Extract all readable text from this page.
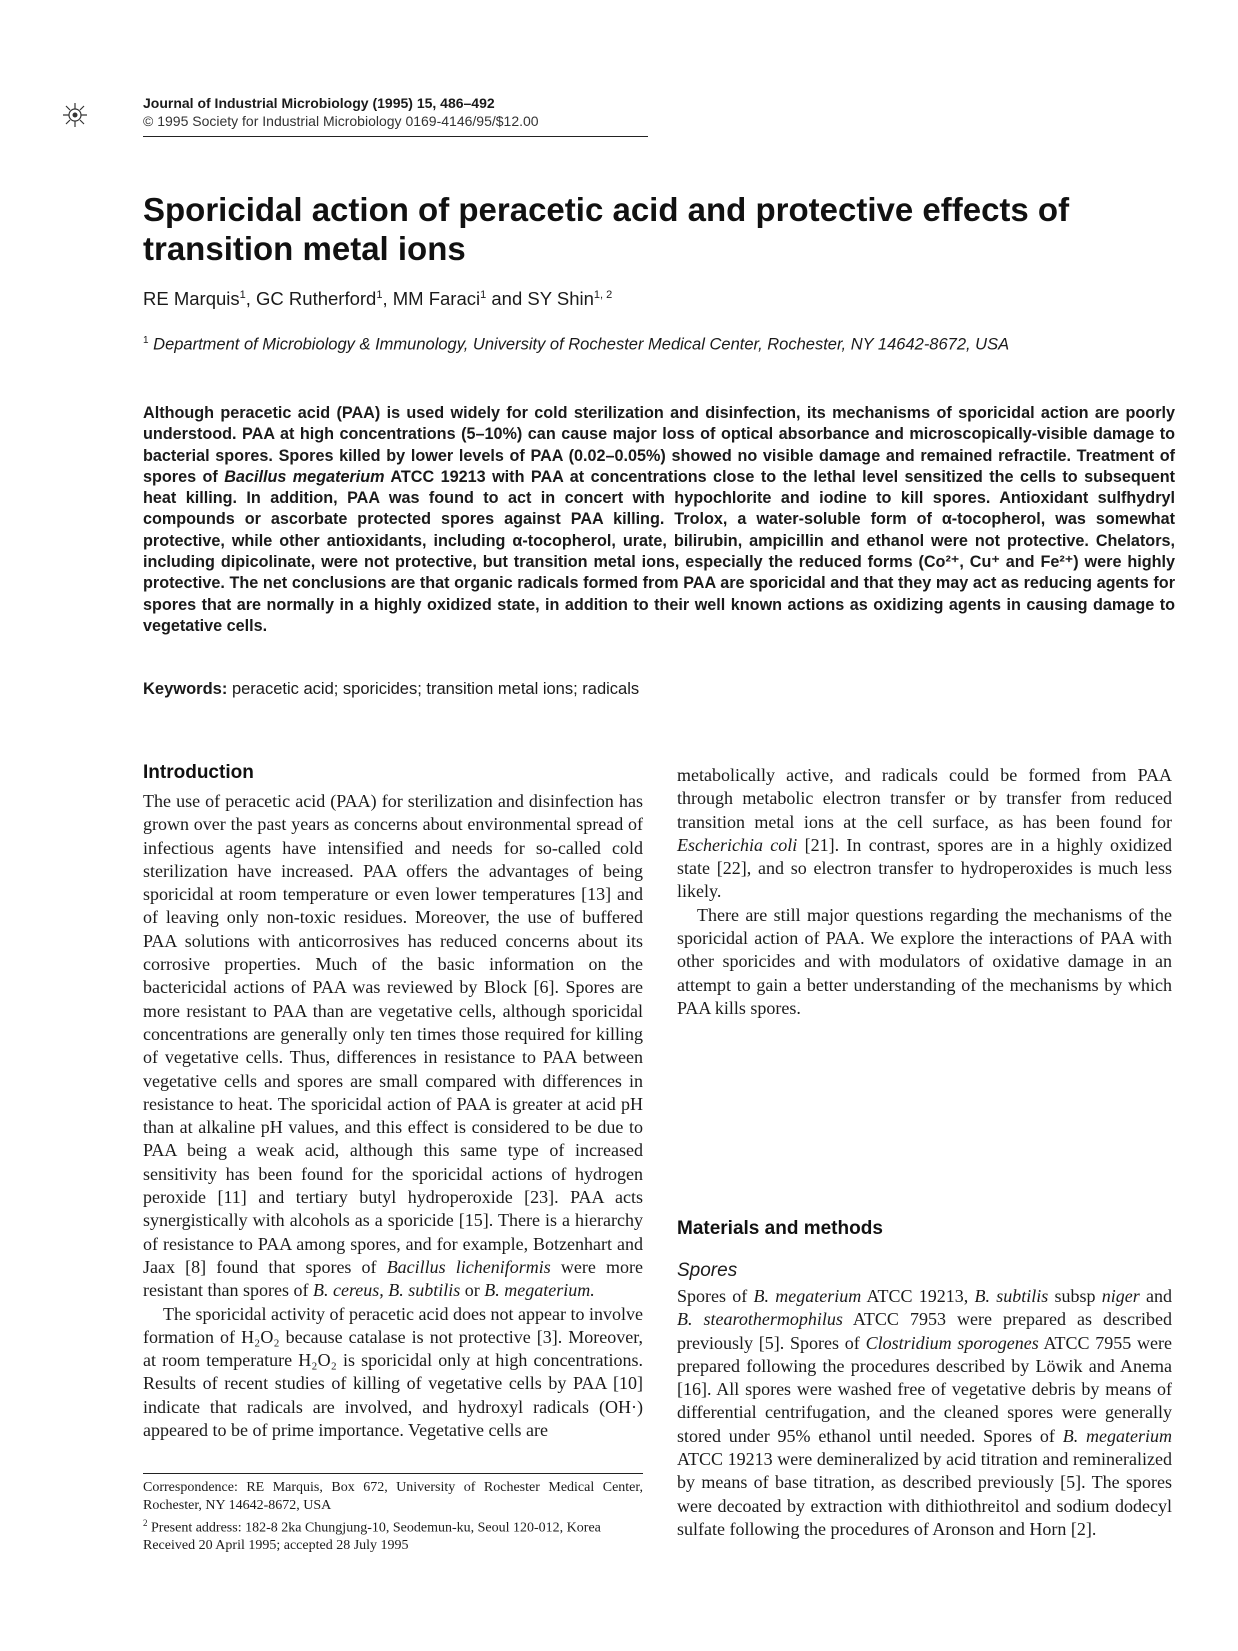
Journal of Industrial Microbiology (1995) 15, 486–492
© 1995 Society for Industrial Microbiology 0169-4146/95/$12.00
Sporicidal action of peracetic acid and protective effects of transition metal ions
RE Marquis$^1$, GC Rutherford$^1$, MM Faraci$^1$ and SY Shin$^{1, 2}$
$^1$ Department of Microbiology & Immunology, University of Rochester Medical Center, Rochester, NY 14642-8672, USA

Although peracetic acid (PAA) is used widely for cold sterilization and disinfection, its mechanisms of sporicidal action are poorly understood. PAA at high concentrations (5–10%) can cause major loss of optical absorbance and microscopically-visible damage to bacterial spores. Spores killed by lower levels of PAA (0.02–0.05%) showed no visible damage and remained refractile. Treatment of spores of Bacillus megaterium ATCC 19213 with PAA at concentrations close to the lethal level sensitized the cells to subsequent heat killing. In addition, PAA was found to act in concert with hypochlorite and iodine to kill spores. Antioxidant sulfhydryl compounds or ascorbate protected spores against PAA killing. Trolox, a water-soluble form of α-tocopherol, was somewhat protective, while other antioxidants, including α-tocopherol, urate, bilirubin, ampicillin and ethanol were not protective. Chelators, including dipicolinate, were not protective, but transition metal ions, especially the reduced forms (Co²⁺, Cu⁺ and Fe²⁺) were highly protective. The net conclusions are that organic radicals formed from PAA are sporicidal and that they may act as reducing agents for spores that are normally in a highly oxidized state, in addition to their well known actions as oxidizing agents in causing damage to vegetative cells.

Keywords: peracetic acid; sporicides; transition metal ions; radicals
Introduction

The use of peracetic acid (PAA) for sterilization and disinfection has grown over the past years as concerns about environmental spread of infectious agents have intensified and needs for so-called cold sterilization have increased. PAA offers the advantages of being sporicidal at room temperature or even lower temperatures [13] and of leaving only non-toxic residues. Moreover, the use of buffered PAA solutions with anticorrosives has reduced concerns about its corrosive properties. Much of the basic information on the bactericidal actions of PAA was reviewed by Block [6]. Spores are more resistant to PAA than are vegetative cells, although sporicidal concentrations are generally only ten times those required for killing of vegetative cells. Thus, differences in resistance to PAA between vegetative cells and spores are small compared with differences in resistance to heat. The sporicidal action of PAA is greater at acid pH than at alkaline pH values, and this effect is considered to be due to PAA being a weak acid, although this same type of increased sensitivity has been found for the sporicidal actions of hydrogen peroxide [11] and tertiary butyl hydroperoxide [23]. PAA acts synergistically with alcohols as a sporicide [15]. There is a hierarchy of resistance to PAA among spores, and for example, Botzenhart and Jaax [8] found that spores of Bacillus licheniformis were more resistant than spores of B. cereus, B. subtilis or B. megaterium.

The sporicidal activity of peracetic acid does not appear to involve formation of H₂O₂ because catalase is not protective [3]. Moreover, at room temperature H₂O₂ is sporicidal only at high concentrations. Results of recent studies of killing of vegetative cells by PAA [10] indicate that radicals are involved, and hydroxyl radicals (OH·) appeared to be of prime importance. Vegetative cells are

metabolically active, and radicals could be formed from PAA through metabolic electron transfer or by transfer from reduced transition metal ions at the cell surface, as has been found for Escherichia coli [21]. In contrast, spores are in a highly oxidized state [22], and so electron transfer to hydroperoxides is much less likely.

There are still major questions regarding the mechanisms of the sporicidal action of PAA. We explore the interactions of PAA with other sporicides and with modulators of oxidative damage in an attempt to gain a better understanding of the mechanisms by which PAA kills spores.

Materials and methods
Spores

Spores of B. megaterium ATCC 19213, B. subtilis subsp niger and B. stearothermophilus ATCC 7953 were prepared as described previously [5]. Spores of Clostridium sporogenes ATCC 7955 were prepared following the procedures described by Löwik and Anema [16]. All spores were washed free of vegetative debris by means of differential centrifugation, and the cleaned spores were generally stored under 95% ethanol until needed. Spores of B. megaterium ATCC 19213 were demineralized by acid titration and remineralized by means of base titration, as described previously [5]. The spores were decoated by extraction with dithiothreitol and sodium dodecyl sulfate following the procedures of Aronson and Horn [2].

Correspondence: RE Marquis, Box 672, University of Rochester Medical Center, Rochester, NY 14642-8672, USA

$^2$ Present address: 182-8 2ka Chungjung-10, Seodemun-ku, Seoul 120-012, Korea

Received 20 April 1995; accepted 28 July 1995
